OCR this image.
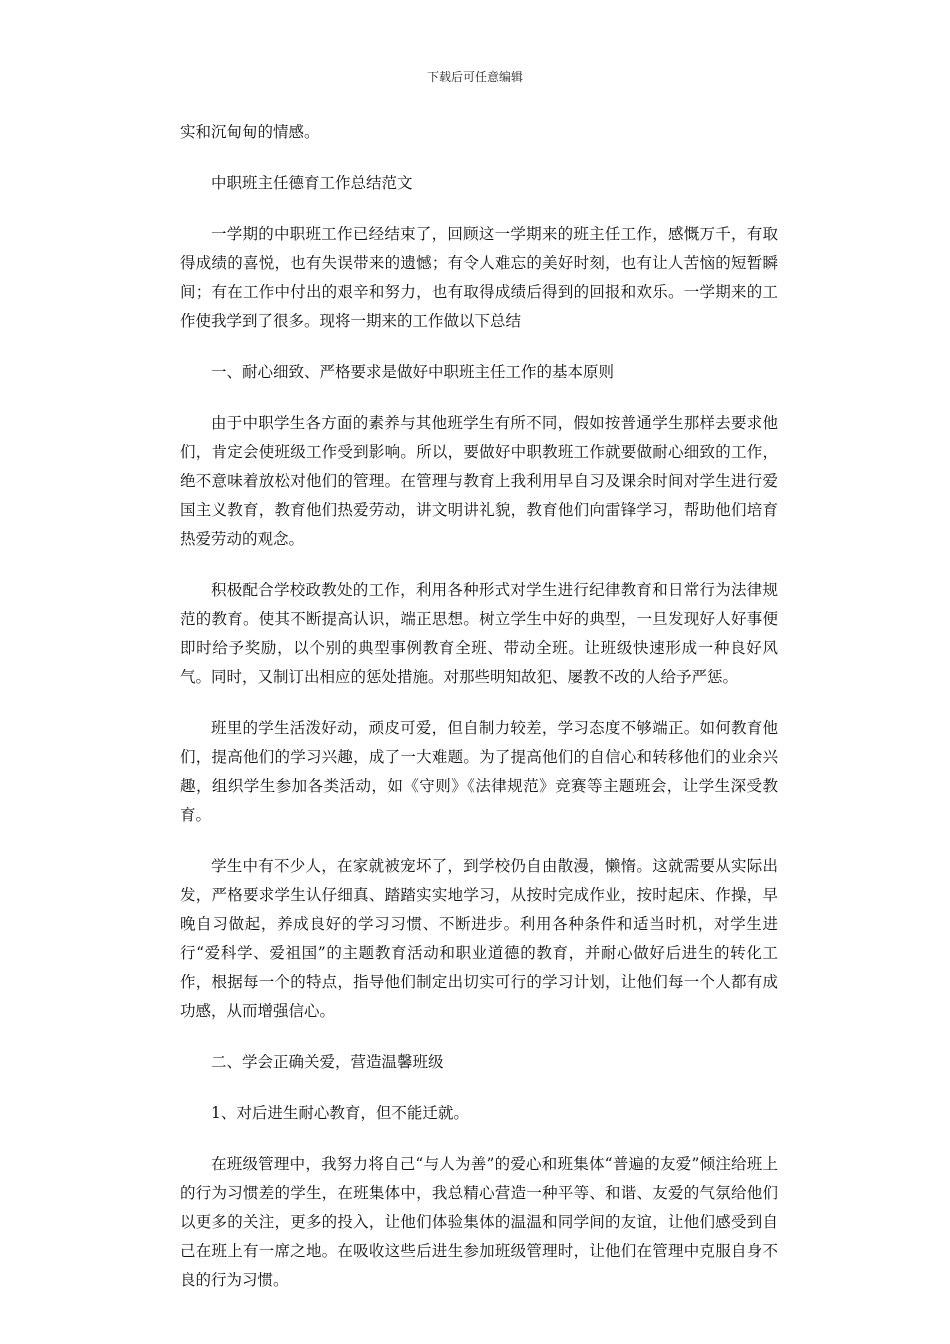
下载后可任意编辑

实和沉甸甸的情感。

中职班主任德育工作总结范文

一学期的中职班工作已经结束了，回顾这一学期来的班主任工作，感慨万千，有取得成绩的喜悦，也有失误带来的遗憾；有令人难忘的美好时刻，也有让人苦恼的短暂瞬间；有在工作中付出的艰辛和努力，也有取得成绩后得到的回报和欢乐。一学期来的工作使我学到了很多。现将一期来的工作做以下总结

一、耐心细致、严格要求是做好中职班主任工作的基本原则

由于中职学生各方面的素养与其他班学生有所不同，假如按普通学生那样去要求他们，肯定会使班级工作受到影响。所以，要做好中职教班工作就要做耐心细致的工作，绝不意味着放松对他们的管理。在管理与教育上我利用早自习及课余时间对学生进行爱国主义教育，教育他们热爱劳动，讲文明讲礼貌，教育他们向雷锋学习，帮助他们培育热爱劳动的观念。

积极配合学校政教处的工作，利用各种形式对学生进行纪律教育和日常行为法律规范的教育。使其不断提高认识，端正思想。树立学生中好的典型，一旦发现好人好事便即时给予奖励，以个别的典型事例教育全班、带动全班。让班级快速形成一种良好风气。同时，又制订出相应的惩处措施。对那些明知故犯、屡教不改的人给予严惩。

班里的学生活泼好动，顽皮可爱，但自制力较差，学习态度不够端正。如何教育他们，提高他们的学习兴趣，成了一大难题。为了提高他们的自信心和转移他们的业余兴趣，组织学生参加各类活动，如《守则》《法律规范》竞赛等主题班会，让学生深受教育。

学生中有不少人，在家就被宠坏了，到学校仍自由散漫，懒惰。这就需要从实际出发，严格要求学生认仔细真、踏踏实实地学习，从按时完成作业，按时起床、作操，早晚自习做起，养成良好的学习习惯、不断进步。利用各种条件和适当时机，对学生进行“爱科学、爱祖国”的主题教育活动和职业道德的教育，并耐心做好后进生的转化工作，根据每一个的特点，指导他们制定出切实可行的学习计划，让他们每一个人都有成功感，从而增强信心。

二、学会正确关爱，营造温馨班级

1、对后进生耐心教育，但不能迁就。

在班级管理中，我努力将自己“与人为善”的爱心和班集体“普遍的友爱”倾注给班上的行为习惯差的学生，在班集体中，我总精心营造一种平等、和谐、友爱的气氛给他们以更多的关注，更多的投入，让他们体验集体的温温和同学间的友谊，让他们感受到自己在班上有一席之地。在吸收这些后进生参加班级管理时，让他们在管理中克服自身不良的行为习惯。
